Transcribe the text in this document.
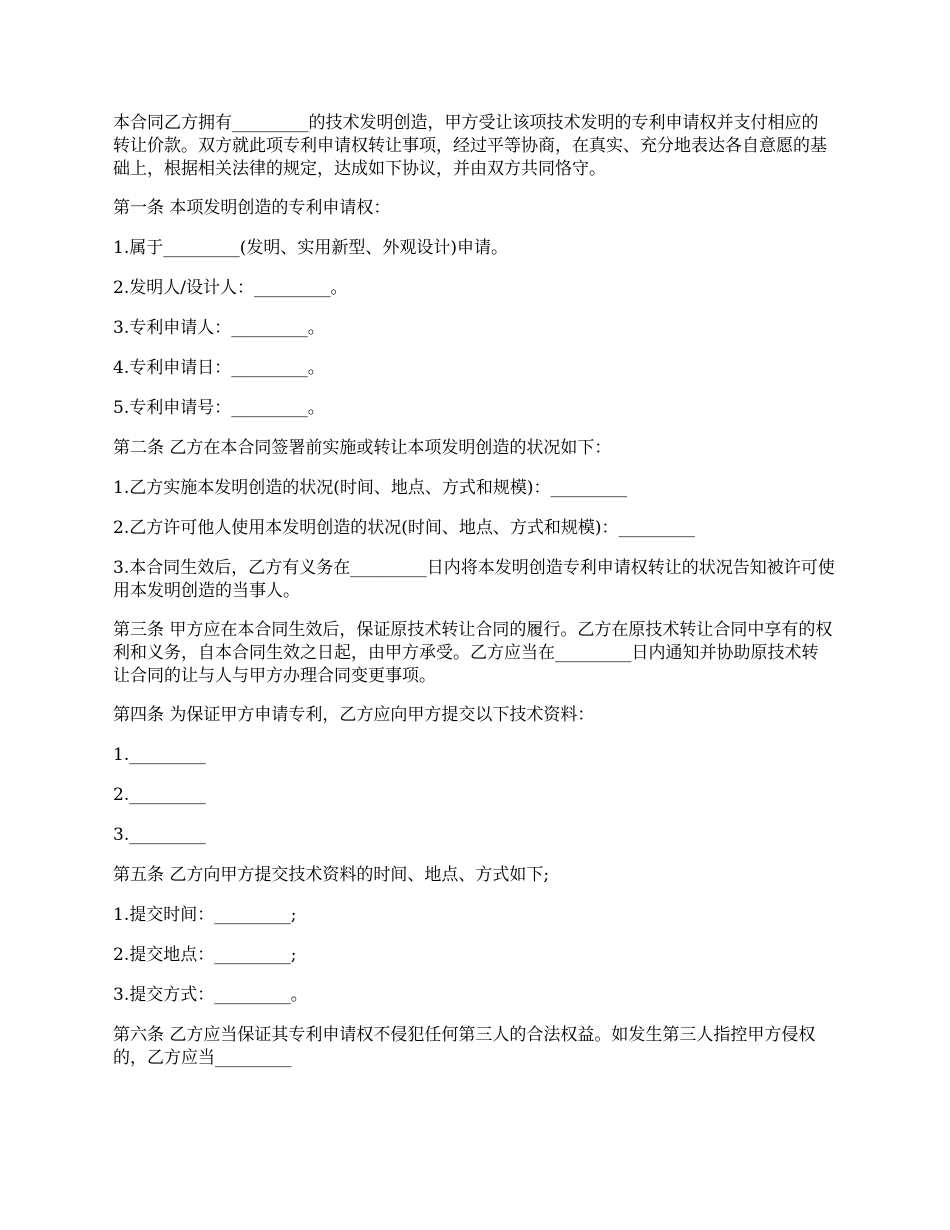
本合同乙方拥有_________的技术发明创造，甲方受让该项技术发明的专利申请权并支付相应的转让价款。双方就此项专利申请权转让事项，经过平等协商，在真实、充分地表达各自意愿的基础上，根据相关法律的规定，达成如下协议，并由双方共同恪守。

第一条 本项发明创造的专利申请权：

1.属于_________(发明、实用新型、外观设计)申请。

2.发明人/设计人：_________。

3.专利申请人：_________。

4.专利申请日：_________。

5.专利申请号：_________。

第二条 乙方在本合同签署前实施或转让本项发明创造的状况如下：

1.乙方实施本发明创造的状况(时间、地点、方式和规模)：_________

2.乙方许可他人使用本发明创造的状况(时间、地点、方式和规模)：_________

3.本合同生效后，乙方有义务在_________日内将本发明创造专利申请权转让的状况告知被许可使用本发明创造的当事人。

第三条 甲方应在本合同生效后，保证原技术转让合同的履行。乙方在原技术转让合同中享有的权利和义务，自本合同生效之日起，由甲方承受。乙方应当在_________日内通知并协助原技术转让合同的让与人与甲方办理合同变更事项。

第四条 为保证甲方申请专利，乙方应向甲方提交以下技术资料：

1._________

2._________

3._________

第五条 乙方向甲方提交技术资料的时间、地点、方式如下;

1.提交时间：_________;

2.提交地点：_________;

3.提交方式：_________。

第六条 乙方应当保证其专利申请权不侵犯任何第三人的合法权益。如发生第三人指控甲方侵权的，乙方应当_________
